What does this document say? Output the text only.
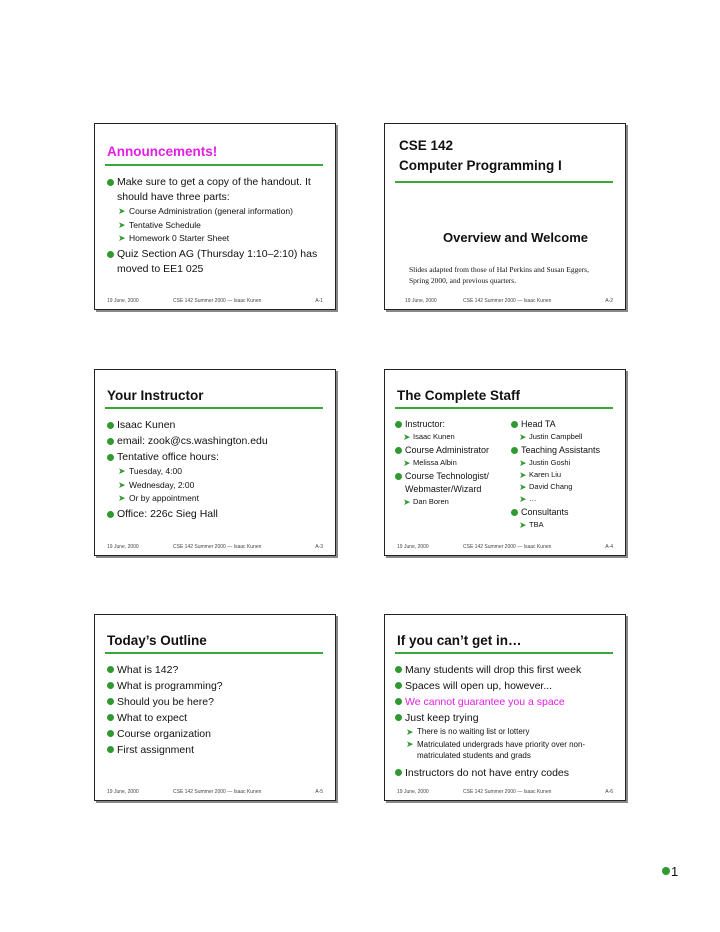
Announcements!
Make sure to get a copy of the handout. It should have three parts:
➤ Course Administration (general information)
➤ Tentative Schedule
➤ Homework 0 Starter Sheet
Quiz Section AG (Thursday 1:10–2:10) has moved to EE1 025
19 June, 2000	CSE 142 Summer 2000 — Isaac Kunen	A-1
CSE 142
Computer Programming I
Overview and Welcome
Slides adapted from those of Hal Perkins and Susan Eggers, Spring 2000, and previous quarters.
19 June, 2000	CSE 142 Summer 2000 — Isaac Kunen	A-2
Your Instructor
Isaac Kunen
email: zook@cs.washington.edu
Tentative office hours:
➤ Tuesday, 4:00
➤ Wednesday, 2:00
➤ Or by appointment
Office: 226c Sieg Hall
19 June, 2000	CSE 142 Summer 2000 — Isaac Kunen	A-3
The Complete Staff
Instructor:
➤ Isaac Kunen
Course Administrator
➤ Melissa Albin
Course Technologist/ Webmaster/Wizard
➤ Dan Boren
Head TA
➤ Justin Campbell
Teaching Assistants
➤ Justin Goshi
➤ Karen Liu
➤ David Chang
➤ …
Consultants
➤ TBA
19 June, 2000	CSE 142 Summer 2000 — Isaac Kunen	A-4
Today’s Outline
What is 142?
What is programming?
Should you be here?
What to expect
Course organization
First assignment
19 June, 2000	CSE 142 Summer 2000 — Isaac Kunen	A-5
If you can’t get in…
Many students will drop this first week
Spaces will open up, however...
We cannot guarantee you a space
Just keep trying
➤ There is no waiting list or lottery
➤ Matriculated undergrads have priority over non-matriculated students and grads
Instructors do not have entry codes
19 June, 2000	CSE 142 Summer 2000 — Isaac Kunen	A-6
1
